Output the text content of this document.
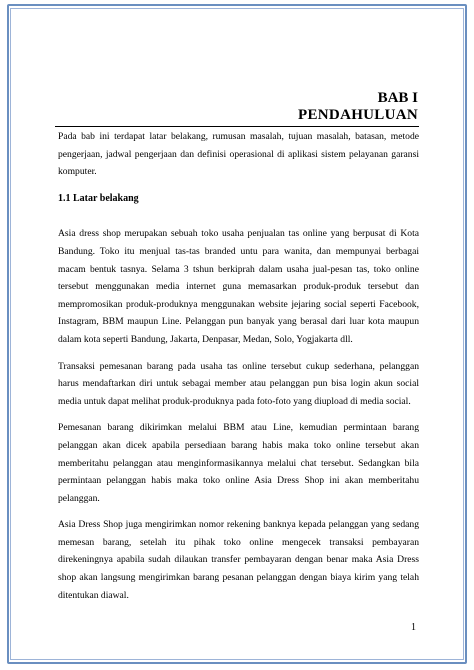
BAB I

PENDAHULUAN

Pada bab ini terdapat latar belakang, rumusan masalah, tujuan masalah, batasan, metode pengerjaan, jadwal pengerjaan dan definisi operasional di aplikasi sistem pelayanan garansi komputer.

1.1 Latar belakang

Asia dress shop merupakan sebuah toko usaha penjualan tas online yang berpusat di Kota Bandung. Toko itu menjual tas-tas branded untu para wanita, dan mempunyai berbagai macam bentuk tasnya. Selama 3 tshun berkiprah dalam usaha jual-pesan tas, toko online tersebut menggunakan media internet guna memasarkan produk-produk tersebut dan mempromosikan produk-produknya menggunakan website jejaring social seperti Facebook, Instagram, BBM maupun Line. Pelanggan pun banyak yang berasal dari luar kota maupun dalam kota seperti Bandung, Jakarta, Denpasar, Medan, Solo, Yogjakarta dll.

Transaksi pemesanan barang pada usaha tas online tersebut cukup sederhana, pelanggan harus mendaftarkan diri untuk sebagai member atau pelanggan pun bisa login akun social media untuk dapat melihat produk-produknya pada foto-foto yang diupload di media social.

Pemesanan barang dikirimkan melalui BBM atau Line, kemudian permintaan barang pelanggan akan dicek apabila persediaan barang habis maka toko online tersebut akan memberitahu pelanggan atau menginformasikannya melalui chat tersebut. Sedangkan bila permintaan pelanggan habis maka toko online Asia Dress Shop ini akan memberitahu pelanggan.

Asia Dress Shop juga mengirimkan nomor rekening banknya kepada pelanggan yang sedang memesan barang, setelah itu pihak toko online mengecek transaksi pembayaran direkeningnya apabila sudah dilaukan transfer pembayaran dengan benar maka Asia Dress shop akan langsung mengirimkan barang pesanan pelanggan dengan biaya kirim yang telah ditentukan diawal.

1
